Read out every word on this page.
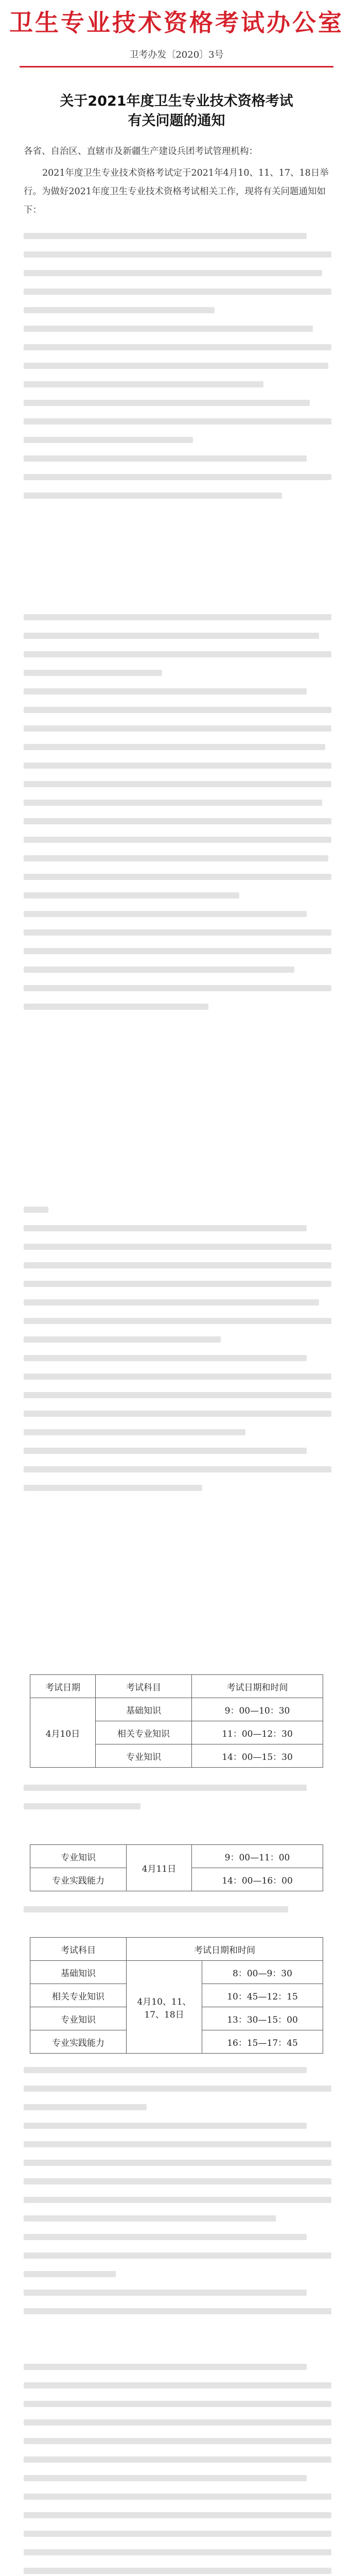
卫生专业技术资格考试办公室
卫考办发〔2020〕3号
关于2021年度卫生专业技术资格考试
有关问题的通知
各省、自治区、直辖市及新疆生产建设兵团考试管理机构：
2021年度卫生专业技术资格考试定于2021年4月10、11、17、18日举行。为做好2021年度卫生专业技术资格考试相关工作，现将有关问题通知如下：
考试日期	考试科目	考试日期和时间
4月10日	基础知识	9：00—10：30
	相关专业知识	11：00—12：30
	专业知识	14：00—15：30
专业知识	4月11日	9：00—11：00
专业实践能力		14：00—16：00
考试科目	考试日期和时间	
基础知识	4月10、11、17、18日	8：00—9：30
相关专业知识		10：45—12：15
专业知识		13：30—15：00
专业实践能力		16：15—17：45
